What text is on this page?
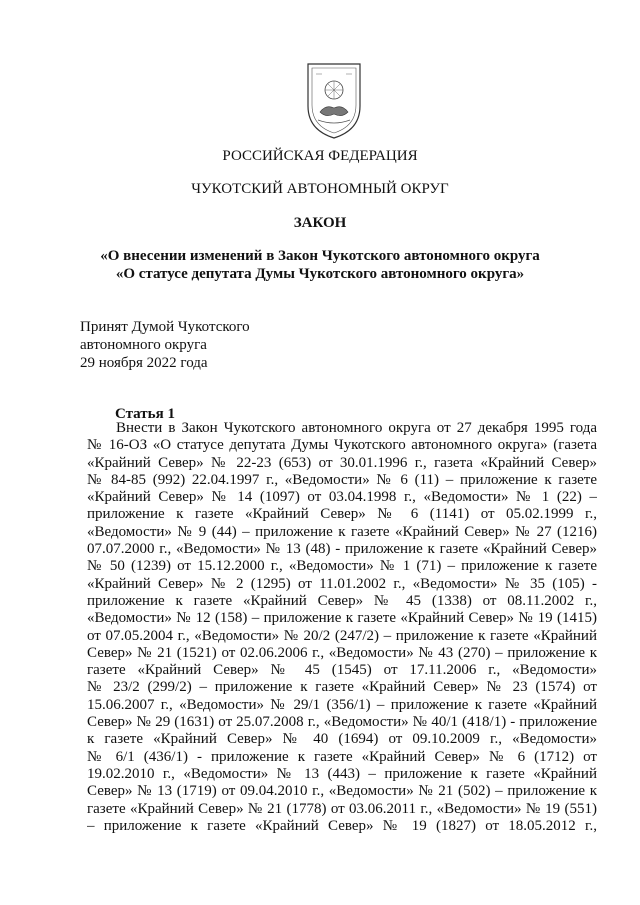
РОССИЙСКАЯ ФЕДЕРАЦИЯ
ЧУКОТСКИЙ АВТОНОМНЫЙ ОКРУГ
ЗАКОН
«О внесении изменений в Закон Чукотского автономного округа
«О статусе депутата Думы Чукотского автономного округа»
Принят Думой Чукотского
автономного округа
29 ноября 2022 года
Статья 1
Внести в Закон Чукотского автономного округа от 27 декабря 1995 года
№ 16-ОЗ «О статусе депутата Думы Чукотского автономного округа» (газета
«Крайний Север» № 22-23 (653) от 30.01.1996 г., газета «Крайний Север»
№ 84-85 (992) 22.04.1997 г., «Ведомости» № 6 (11) – приложение к газете
«Крайний Север» № 14 (1097) от 03.04.1998 г., «Ведомости» № 1 (22) –
приложение к газете «Крайний Север» № 6 (1141) от 05.02.1999 г.,
«Ведомости» № 9 (44) – приложение к газете «Крайний Север» № 27 (1216)
07.07.2000 г., «Ведомости» № 13 (48) - приложение к газете «Крайний Север»
№ 50 (1239) от 15.12.2000 г., «Ведомости» № 1 (71) – приложение к газете
«Крайний Север» № 2 (1295) от 11.01.2002 г., «Ведомости» № 35 (105) -
приложение к газете «Крайний Север» № 45 (1338) от 08.11.2002 г.,
«Ведомости» № 12 (158) – приложение к газете «Крайний Север» № 19 (1415)
от 07.05.2004 г., «Ведомости» № 20/2 (247/2) – приложение к газете «Крайний
Север» № 21 (1521) от 02.06.2006 г., «Ведомости» № 43 (270) – приложение к
газете «Крайний Север» № 45 (1545) от 17.11.2006 г., «Ведомости»
№ 23/2 (299/2) – приложение к газете «Крайний Север» № 23 (1574) от
15.06.2007 г., «Ведомости» № 29/1 (356/1) – приложение к газете «Крайний
Север» № 29 (1631) от 25.07.2008 г., «Ведомости» № 40/1 (418/1) - приложение
к газете «Крайний Север» № 40 (1694) от 09.10.2009 г., «Ведомости»
№ 6/1 (436/1) - приложение к газете «Крайний Север» № 6 (1712) от
19.02.2010 г., «Ведомости» № 13 (443) – приложение к газете «Крайний
Север» № 13 (1719) от 09.04.2010 г., «Ведомости» № 21 (502) – приложение к
газете «Крайний Север» № 21 (1778) от 03.06.2011 г., «Ведомости» № 19 (551)
– приложение к газете «Крайний Север» № 19 (1827) от 18.05.2012 г.,
